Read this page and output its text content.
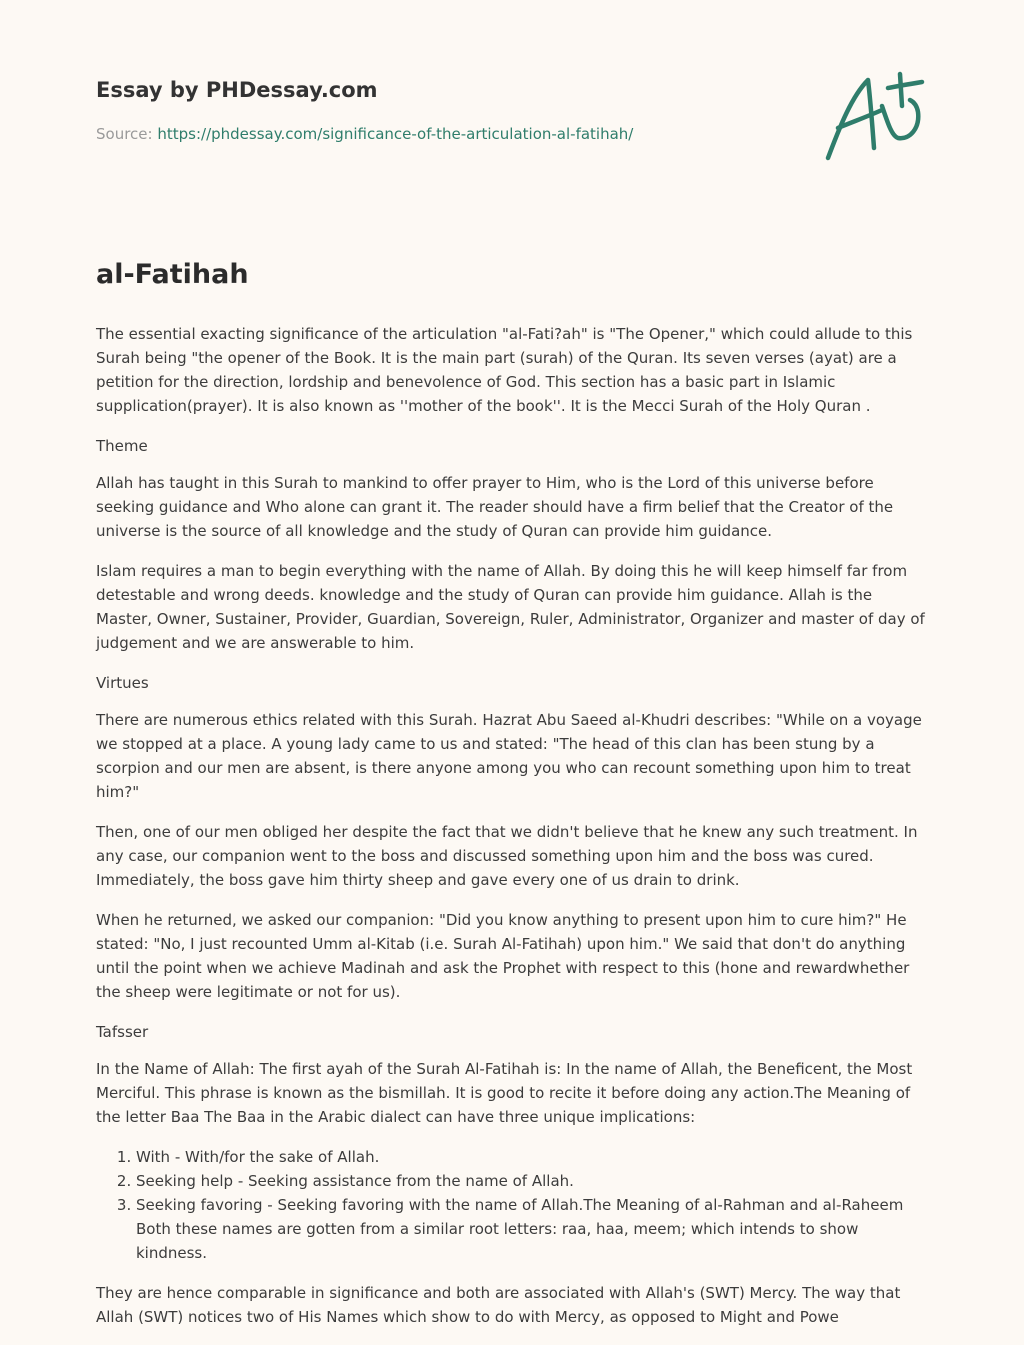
Essay by PHDessay.com
Source: https://phdessay.com/significance-of-the-articulation-al-fatihah/
al-Fatihah

The essential exacting significance of the articulation "al-Fati?ah" is "The Opener," which could allude to this Surah being "the opener of the Book. It is the main part (surah) of the Quran. Its seven verses (ayat) are a petition for the direction, lordship and benevolence of God. This section has a basic part in Islamic supplication(prayer). It is also known as ''mother of the book''. It is the Mecci Surah of the Holy Quran .

Theme

Allah has taught in this Surah to mankind to offer prayer to Him, who is the Lord of this universe before seeking guidance and Who alone can grant it. The reader should have a firm belief that the Creator of the universe is the source of all knowledge and the study of Quran can provide him guidance.

Islam requires a man to begin everything with the name of Allah. By doing this he will keep himself far from detestable and wrong deeds. knowledge and the study of Quran can provide him guidance. Allah is the Master, Owner, Sustainer, Provider, Guardian, Sovereign, Ruler, Administrator, Organizer and master of day of judgement and we are answerable to him.

Virtues

There are numerous ethics related with this Surah. Hazrat Abu Saeed al-Khudri describes: "While on a voyage we stopped at a place. A young lady came to us and stated: "The head of this clan has been stung by a scorpion and our men are absent, is there anyone among you who can recount something upon him to treat him?"

Then, one of our men obliged her despite the fact that we didn't believe that he knew any such treatment. In any case, our companion went to the boss and discussed something upon him and the boss was cured. Immediately, the boss gave him thirty sheep and gave every one of us drain to drink.

When he returned, we asked our companion: "Did you know anything to present upon him to cure him?" He stated: "No, I just recounted Umm al-Kitab (i.e. Surah Al-Fatihah) upon him." We said that don't do anything until the point when we achieve Madinah and ask the Prophet with respect to this (hone and rewardwhether the sheep were legitimate or not for us).

Tafsser

In the Name of Allah: The first ayah of the Surah Al-Fatihah is: In the name of Allah, the Beneficent, the Most Merciful. This phrase is known as the bismillah. It is good to recite it before doing any action.The Meaning of the letter Baa The Baa in the Arabic dialect can have three unique implications:

1. With - With/for the sake of Allah.
2. Seeking help - Seeking assistance from the name of Allah.
3. Seeking favoring - Seeking favoring with the name of Allah.The Meaning of al-Rahman and al-Raheem Both these names are gotten from a similar root letters: raa, haa, meem; which intends to show kindness.

They are hence comparable in significance and both are associated with Allah's (SWT) Mercy. The way that Allah (SWT) notices two of His Names which show to do with Mercy, as opposed to Might and Powe
